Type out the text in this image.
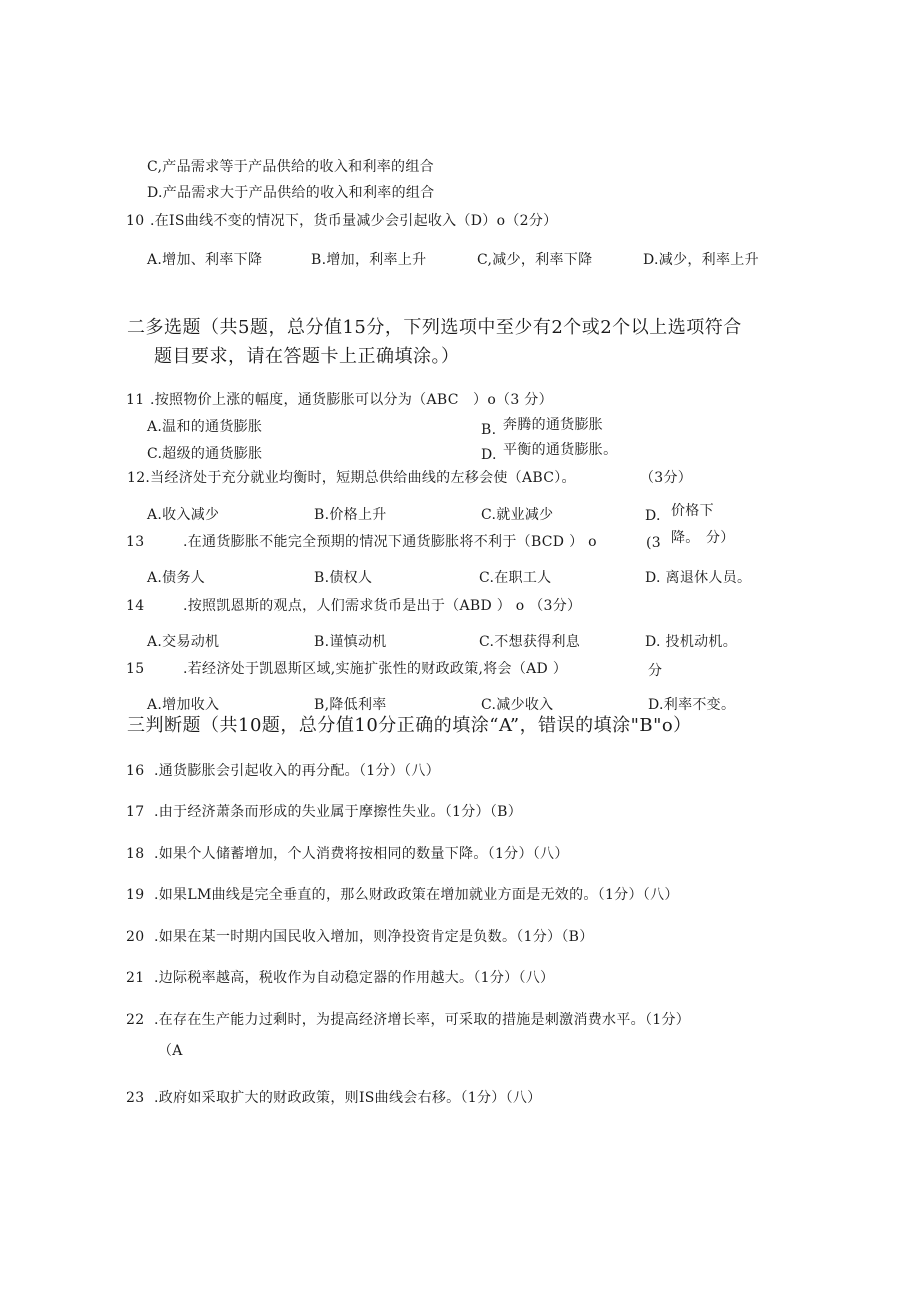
C,产品需求等于产品供给的收入和利率的组合
D.产品需求大于产品供给的收入和利率的组合
10 .在IS曲线不变的情况下，货币量减少会引起收入（D）o（2分）
A.增加、利率下降	B.增加，利率上升	C,减少，利率下降	D.减少，利率上升
二多选题（共5题，总分值15分，下列选项中至少有2个或2个以上选项符合
题目要求，请在答题卡上正确填涂。）
11 .按照物价上涨的幅度，通货膨胀可以分为（ABC　）o（3 分）
A.温和的通货膨胀	B. 奔腾的通货膨胀
C.超级的通货膨胀	D. 平衡的通货膨胀。
12.当经济处于充分就业均衡时，短期总供给曲线的左移会使（ABC）。	（3分）
A.收入减少	B.价格上升	C.就业减少	D. 价格下
13	.在通货膨胀不能完全预期的情况下通货膨胀将不利于（BCD ） o	(3 降。 分）
A.债务人	B.债权人	C.在职工人	D. 离退休人员。
14	.按照凯恩斯的观点，人们需求货币是出于（ABD ） o （3分）
A.交易动机	B.谨慎动机	C.不想获得利息	D. 投机动机。
15	.若经济处于凯恩斯区域,实施扩张性的财政政策,将会（AD ）	分
A.增加收入	B,降低利率	C.减少收入	D.利率不变。
三判断题（共10题，总分值10分正确的填涂“A”，错误的填涂"B"o）
16 .通货膨胀会引起收入的再分配。（1分）（八）
17 .由于经济萧条而形成的失业属于摩擦性失业。（1分）（B）
18 .如果个人储蓄增加，个人消费将按相同的数量下降。（1分）（八）
19 .如果LM曲线是完全垂直的，那么财政政策在增加就业方面是无效的。（1分）（八）
20 .如果在某一时期内国民收入增加，则净投资肯定是负数。（1分）（B）
21 .边际税率越高，税收作为自动稳定器的作用越大。（1分）（八）
22 .在存在生产能力过剩时，为提高经济增长率，可采取的措施是刺激消费水平。（1分）
（A
23 .政府如采取扩大的财政政策，则IS曲线会右移。（1分）（八）
